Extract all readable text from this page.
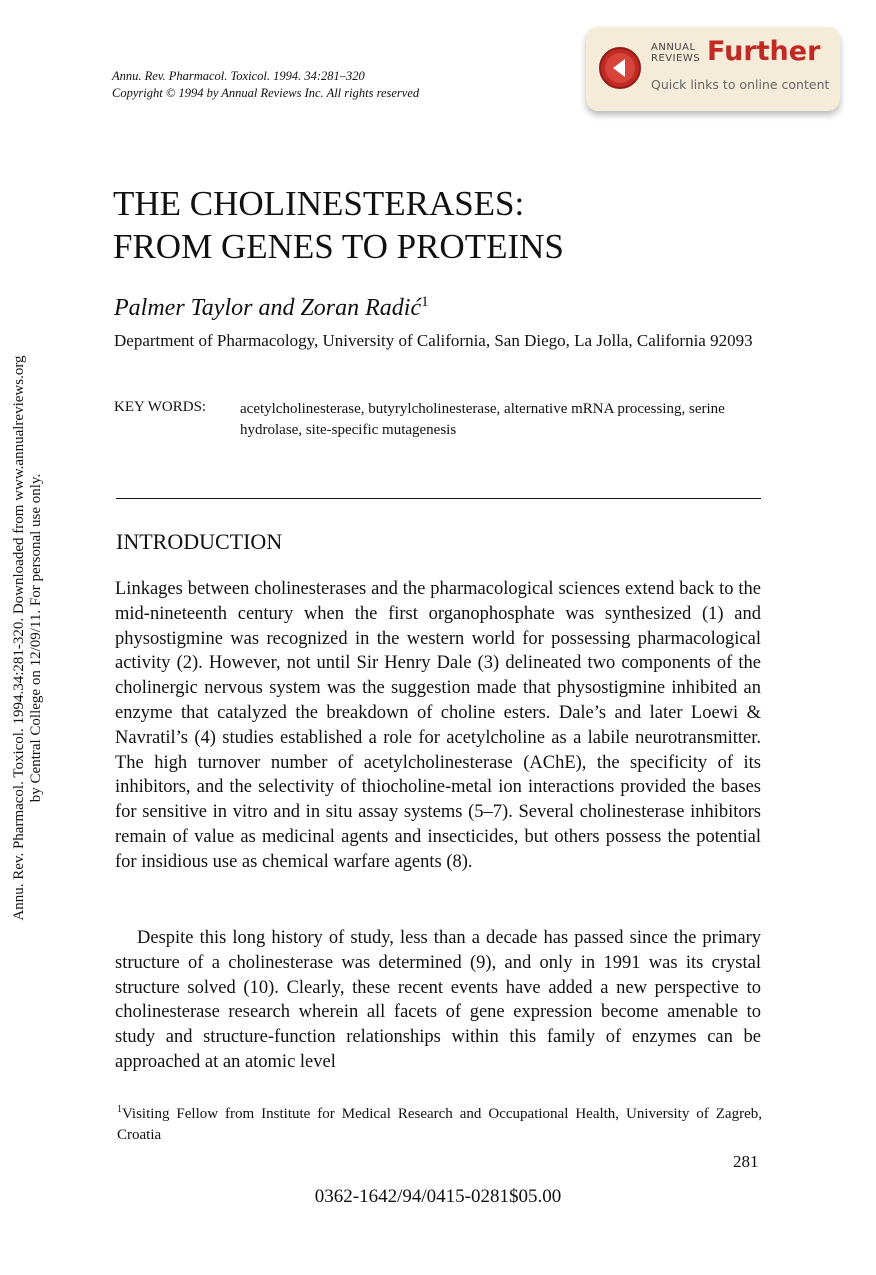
Annu. Rev. Pharmacol. Toxicol. 1994.34:281-320. Downloaded from www.annualreviews.org by Central College on 12/09/11. For personal use only.
Annu. Rev. Pharmacol. Toxicol. 1994. 34:281–320
Copyright © 1994 by Annual Reviews Inc. All rights reserved
ANNUAL
REVIEWS Further
Quick links to online content
THE CHOLINESTERASES:
FROM GENES TO PROTEINS
Palmer Taylor and Zoran Radić$^1$
Department of Pharmacology, University of California, San Diego, La Jolla, California 92093
KEY WORDS: acetylcholinesterase, butyrylcholinesterase, alternative mRNA processing, serine hydrolase, site-specific mutagenesis
INTRODUCTION

Linkages between cholinesterases and the pharmacological sciences extend back to the mid-nineteenth century when the first organophosphate was synthesized (1) and physostigmine was recognized in the western world for possessing pharmacological activity (2). However, not until Sir Henry Dale (3) delineated two components of the cholinergic nervous system was the suggestion made that physostigmine inhibited an enzyme that catalyzed the breakdown of choline esters. Dale’s and later Loewi & Navratil’s (4) studies established a role for acetylcholine as a labile neurotransmitter. The high turnover number of acetylcholinesterase (AChE), the specificity of its inhibitors, and the selectivity of thiocholine-metal ion interactions provided the bases for sensitive in vitro and in situ assay systems (5–7). Several cholinesterase inhibitors remain of value as medicinal agents and insecticides, but others possess the potential for insidious use as chemical warfare agents (8).

Despite this long history of study, less than a decade has passed since the primary structure of a cholinesterase was determined (9), and only in 1991 was its crystal structure solved (10). Clearly, these recent events have added a new perspective to cholinesterase research wherein all facets of gene expression become amenable to study and structure-function relationships within this family of enzymes can be approached at an atomic level

$^1$Visiting Fellow from Institute for Medical Research and Occupational Health, University of Zagreb, Croatia
281
0362-1642/94/0415-0281$05.00
